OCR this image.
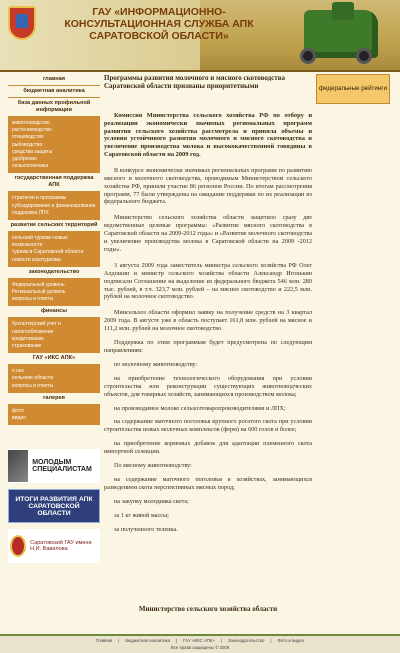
ГАУ «ИНФОРМАЦИОННО-КОНСУЛЬТАЦИОННАЯ СЛУЖБА АПК САРАТОВСКОЙ ОБЛАСТИ»
главная
бюджетная аналитика
база данных профильной информации
животноводство
растениеводство
птицеводство
рыбоводство
средства защиты
удобрения
сельхозтехника
государственная поддержка АПК
стратегии и программы
субсидирование и финансирование
поддержка ЛПХ
развитие сельских территорий
сельский туризм–новые возможности
туризм в Саратовской области
новости агротуризма
законодательство
Федеральный уровень
Региональный уровень
вопросы и ответы
финансы
бухгалтерский учет и налогообложение
кредитование
страхование
ГАУ «ИКС АПК»
о нас
сельские области
вопросы и ответы
галерея
фото
видео
МОЛОДЫМ СПЕЦИАЛИСТАМ
ИТОГИ РАЗВИТИЯ АПК САРАТОВСКОЙ ОБЛАСТИ
Саратовский ГАУ имени Н.И. Вавилова
Программы развития молочного и мясного скотоводства Саратовской области признаны приоритетными
Комиссия Министерства сельского хозяйства РФ по отбору и реализации экономически значимых региональных программ развития сельского хозяйства рассмотрела и приняла объемы и условия устойчивого развития молочного и мясного скотоводства и увеличение производства молока и высококачественной говядины в Саратовской области на 2009 год.

В конкурсе экономически значимых региональных программ по развитию мясного и молочного скотоводства, проводимым Министерством сельского хозяйства РФ, приняли участие 86 регионов России. По итогам рассмотрения программ, 77 были утверждены на ожидание поддержки по их реализации из федерального бюджета.

Министерство сельского хозяйства области защитило сразу две ведомственные целевые программы: «Развитие мясного скотоводства в Саратовской области на 2009-2012 годы» и «Развитие молочного скотоводства и увеличение производства молока в Саратовской области на 2009 -2012 годы».

3 августа 2009 года заместитель министра сельского хозяйства РФ Олег Алдошин и министр сельского хозяйства области Александр Игонькин подписали Соглашение на выделение из федерального бюджета 546 млн. 280 тыс. рублей, в т.ч. 323,7 млн. рублей – на мясное скотоводство и 222,5 млн. рублей на молочное скотоводство.

Минсельхоз области оформил заявку на получение средств на 3 квартал 2009 года. В августе уже в область поступает 161,8 млн. рублей на мясное и 111,2 млн. рублей на молочное скотоводство.

Поддержка по этим программам будет предусмотрена по следующим направлениям:

по молочному животноводству:

на приобретение технологического оборудования при условии строительства или реконструкции существующих животноводческих объектов, для товарных хозяйств, занимающихся производством молока;

на производимое молоко сельхозтоваропроизводителями и ЛПХ;

на содержание маточного поголовья крупного рогатого скота при условии строительства новых молочных комплексов (ферм) на 600 голов и более;

на приобретение кормовых добавок для адаптации племенного скота импортной селекции.

По мясному животноводству:

на содержание маточного поголовья в хозяйствах, занимающихся разведением скота перспективных мясных пород;

на закупку молодняка скота;

за 1 кг живой массы;

за полученного теленка.

Министерство сельского хозяйства области
федеральные рейтинги
Главная | Бюджетная аналитика | ГАУ «ИКС АПК» | Законодательство | Фото и видео
Все права защищены © 2009
